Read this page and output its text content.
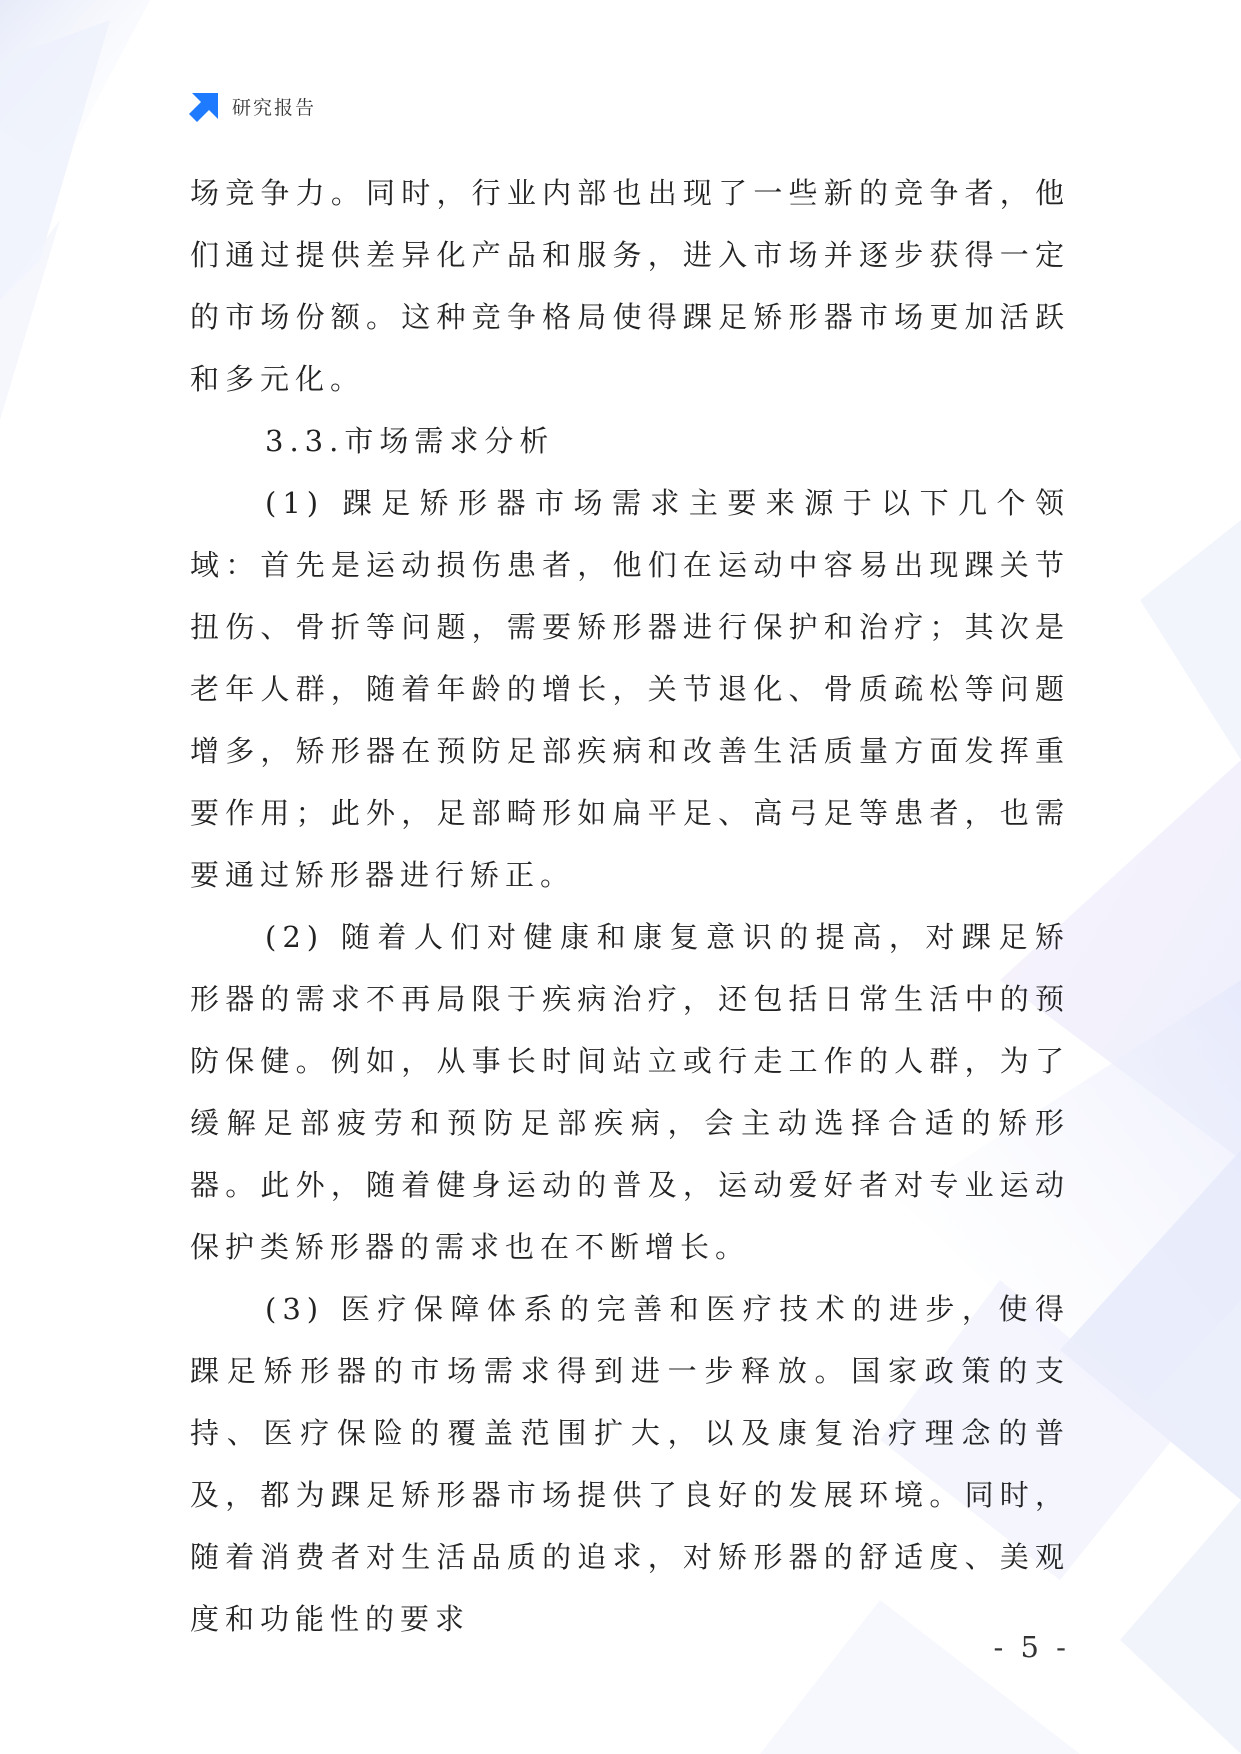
研究报告

场竞争力。同时，行业内部也出现了一些新的竞争者，他们通过提供差异化产品和服务，进入市场并逐步获得一定的市场份额。这种竞争格局使得踝足矫形器市场更加活跃和多元化。

3.3.市场需求分析

(1) 踝足矫形器市场需求主要来源于以下几个领域：首先是运动损伤患者，他们在运动中容易出现踝关节扭伤、骨折等问题，需要矫形器进行保护和治疗；其次是老年人群，随着年龄的增长，关节退化、骨质疏松等问题增多，矫形器在预防足部疾病和改善生活质量方面发挥重要作用；此外，足部畸形如扁平足、高弓足等患者，也需要通过矫形器进行矫正。

(2) 随着人们对健康和康复意识的提高，对踝足矫形器的需求不再局限于疾病治疗，还包括日常生活中的预防保健。例如，从事长时间站立或行走工作的人群，为了缓解足部疲劳和预防足部疾病，会主动选择合适的矫形器。此外，随着健身运动的普及，运动爱好者对专业运动保护类矫形器的需求也在不断增长。

(3) 医疗保障体系的完善和医疗技术的进步，使得踝足矫形器的市场需求得到进一步释放。国家政策的支持、医疗保险的覆盖范围扩大，以及康复治疗理念的普及，都为踝足矫形器市场提供了良好的发展环境。同时，随着消费者对生活品质的追求，对矫形器的舒适度、美观度和功能性的要求

- 5 -
